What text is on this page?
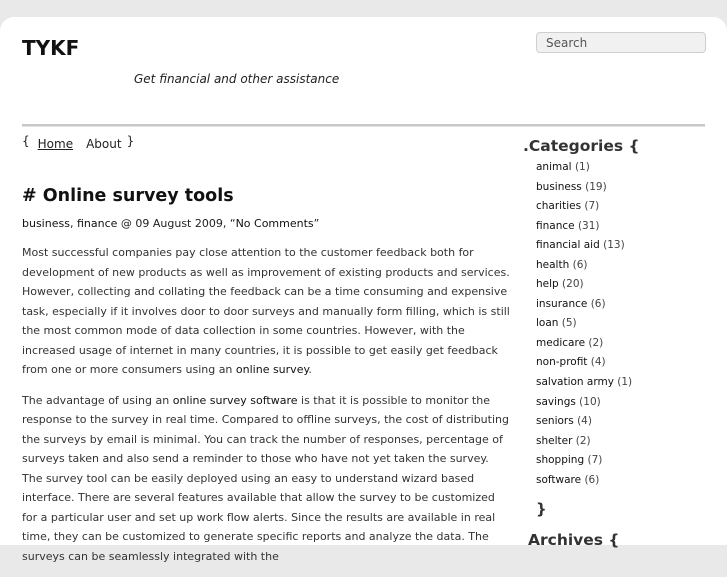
TYKF

Get financial and other assistance

Search
{ Home About }
# Online survey tools
business, finance @ 09 August 2009, “No Comments”

Most successful companies pay close attention to the customer feedback both for development of new products as well as improvement of existing products and services. However, collecting and collating the feedback can be a time consuming and expensive task, especially if it involves door to door surveys and manually form filling, which is still the most common mode of data collection in some countries. However, with the increased usage of internet in many countries, it is possible to get easily get feedback from one or more consumers using an online survey.

The advantage of using an online survey software is that it is possible to monitor the response to the survey in real time. Compared to offline surveys, the cost of distributing the surveys by email is minimal. You can track the number of responses, percentage of surveys taken and also send a reminder to those who have not yet taken the survey. The survey tool can be easily deployed using an easy to understand wizard based interface. There are several features available that allow the survey to be customized for a particular user and set up work flow alerts. Since the results are available in real time, they can be customized to generate specific reports and analyze the data. The surveys can be seamlessly integrated with the

.Categories {
animal (1)
business (19)
charities (7)
finance (31)
financial aid (13)
health (6)
help (20)
insurance (6)
loan (5)
medicare (2)
non-profit (4)
salvation army (1)
savings (10)
seniors (4)
shelter (2)
shopping (7)
software (6)
}
Archives {
